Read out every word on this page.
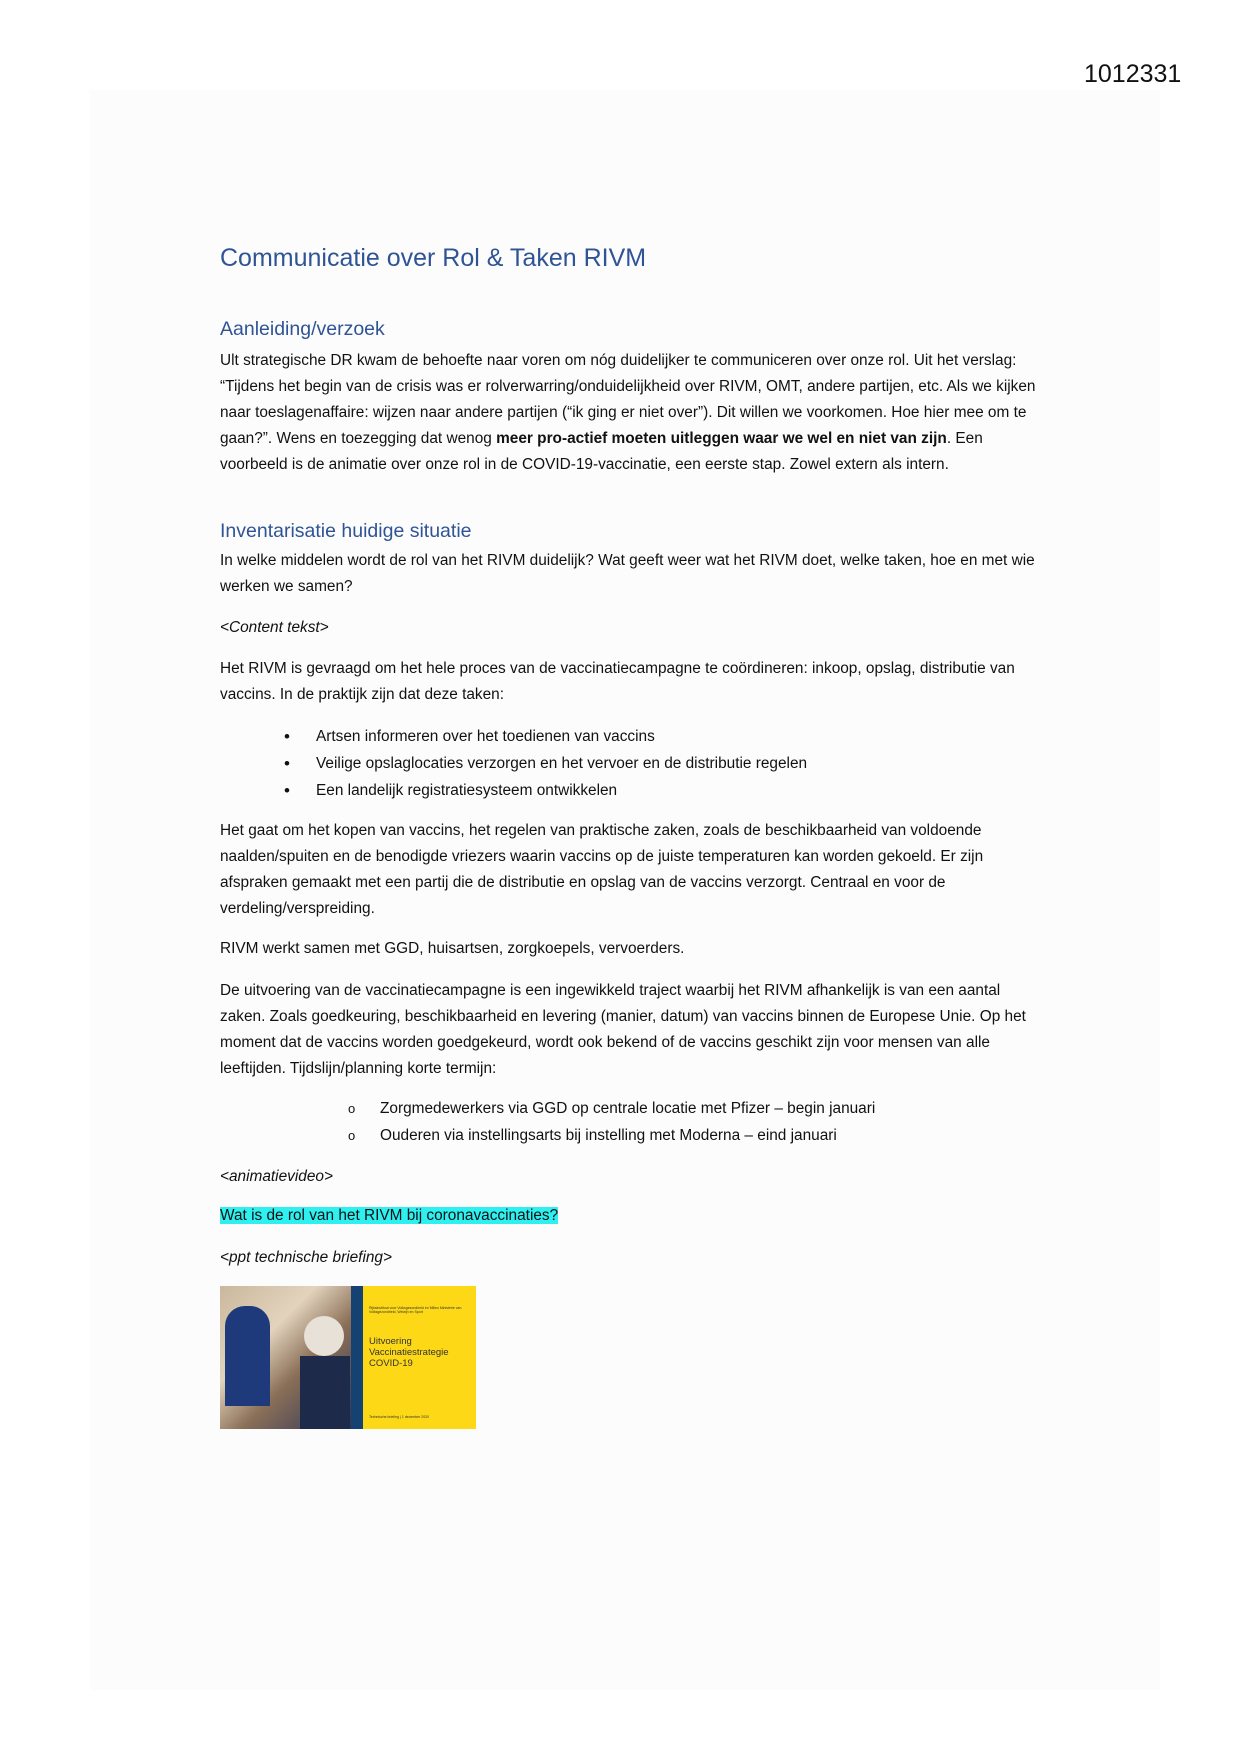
1012331
Communicatie over Rol & Taken RIVM
Aanleiding/verzoek
Ult strategische DR kwam de behoefte naar voren om nóg duidelijker te communiceren over onze rol. Uit het verslag: “Tijdens het begin van de crisis was er rolverwarring/onduidelijkheid over RIVM, OMT, andere partijen, etc. Als we kijken naar toeslagenaffaire: wijzen naar andere partijen (“ik ging er niet over”). Dit willen we voorkomen. Hoe hier mee om te gaan?”. Wens en toezegging dat wenog meer pro-actief moeten uitleggen waar we wel en niet van zijn. Een voorbeeld is de animatie over onze rol in de COVID-19-vaccinatie, een eerste stap. Zowel extern als intern.
Inventarisatie huidige situatie
In welke middelen wordt de rol van het RIVM duidelijk? Wat geeft weer wat het RIVM doet, welke taken, hoe en met wie werken we samen?
<Content tekst>
Het RIVM is gevraagd om het hele proces van de vaccinatiecampagne te coördineren: inkoop, opslag, distributie van vaccins. In de praktijk zijn dat deze taken:
• Artsen informeren over het toedienen van vaccins
• Veilige opslaglocaties verzorgen en het vervoer en de distributie regelen
• Een landelijk registratiesysteem ontwikkelen
Het gaat om het kopen van vaccins, het regelen van praktische zaken, zoals de beschikbaarheid van voldoende naalden/spuiten en de benodigde vriezers waarin vaccins op de juiste temperaturen kan worden gekoeld. Er zijn afspraken gemaakt met een partij die de distributie en opslag van de vaccins verzorgt. Centraal en voor de verdeling/verspreiding.
RIVM werkt samen met GGD, huisartsen, zorgkoepels, vervoerders.
De uitvoering van de vaccinatiecampagne is een ingewikkeld traject waarbij het RIVM afhankelijk is van een aantal zaken. Zoals goedkeuring, beschikbaarheid en levering (manier, datum) van vaccins binnen de Europese Unie. Op het moment dat de vaccins worden goedgekeurd, wordt ook bekend of de vaccins geschikt zijn voor mensen van alle leeftijden. Tijdslijn/planning korte termijn:
o Zorgmedewerkers via GGD op centrale locatie met Pfizer – begin januari
o Ouderen via instellingsarts bij instelling met Moderna – eind januari
<animatievideo>
Wat is de rol van het RIVM bij coronavaccinaties?
<ppt technische briefing>
Rijksinstituut voor Volksgezondheid en Milieu Ministerie van Volksgezondheid, Welzijn en Sport
Uitvoering
Vaccinatiestrategie
COVID-19
Technische briefing | 1 december 2020
